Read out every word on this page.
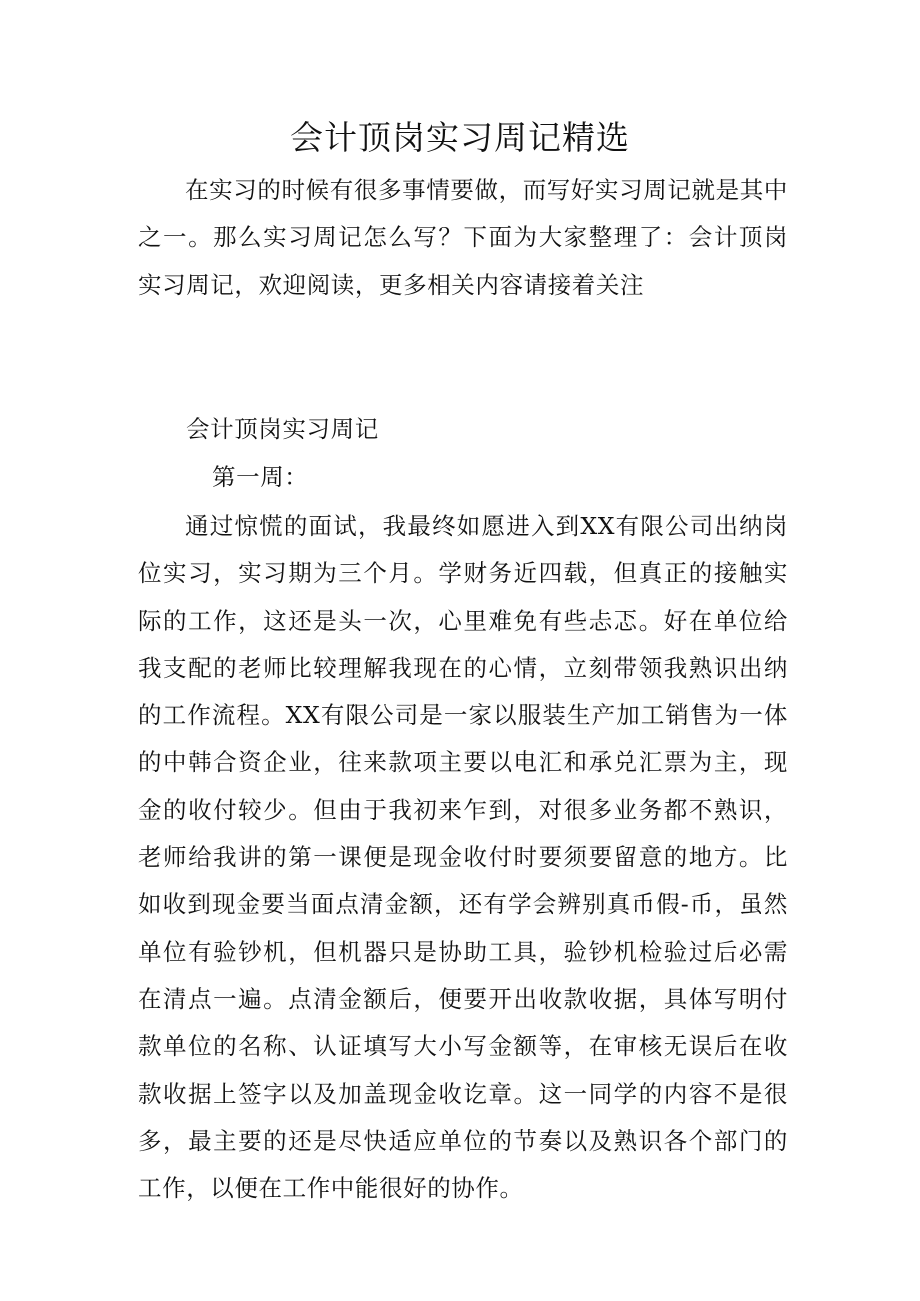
会计顶岗实习周记精选

在实习的时候有很多事情要做，而写好实习周记就是其中之一。那么实习周记怎么写？下面为大家整理了：会计顶岗实习周记，欢迎阅读，更多相关内容请接着关注

会计顶岗实习周记

第一周：

通过惊慌的面试，我最终如愿进入到XX有限公司出纳岗位实习，实习期为三个月。学财务近四载，但真正的接触实际的工作，这还是头一次，心里难免有些忐忑。好在单位给我支配的老师比较理解我现在的心情，立刻带领我熟识出纳的工作流程。XX有限公司是一家以服装生产加工销售为一体的中韩合资企业，往来款项主要以电汇和承兑汇票为主，现金的收付较少。但由于我初来乍到，对很多业务都不熟识，老师给我讲的第一课便是现金收付时要须要留意的地方。比如收到现金要当面点清金额，还有学会辨别真币假-币，虽然单位有验钞机，但机器只是协助工具，验钞机检验过后必需在清点一遍。点清金额后，便要开出收款收据，具体写明付款单位的名称、认证填写大小写金额等，在审核无误后在收款收据上签字以及加盖现金收讫章。这一同学的内容不是很多，最主要的还是尽快适应单位的节奏以及熟识各个部门的工作，以便在工作中能很好的协作。
